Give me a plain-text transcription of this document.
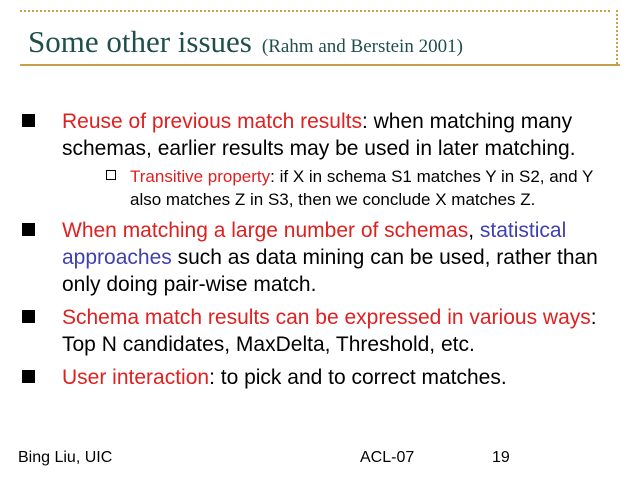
Some other issues (Rahm and Berstein 2001)
Reuse of previous match results: when matching many schemas, earlier results may be used in later matching.
Transitive property: if X in schema S1 matches Y in S2, and Y also matches Z in S3, then we conclude X matches Z.
When matching a large number of schemas, statistical approaches such as data mining can be used, rather than only doing pair-wise match.
Schema match results can be expressed in various ways: Top N candidates, MaxDelta, Threshold, etc.
User interaction: to pick and to correct matches.
Bing Liu, UIC	ACL-07	19
